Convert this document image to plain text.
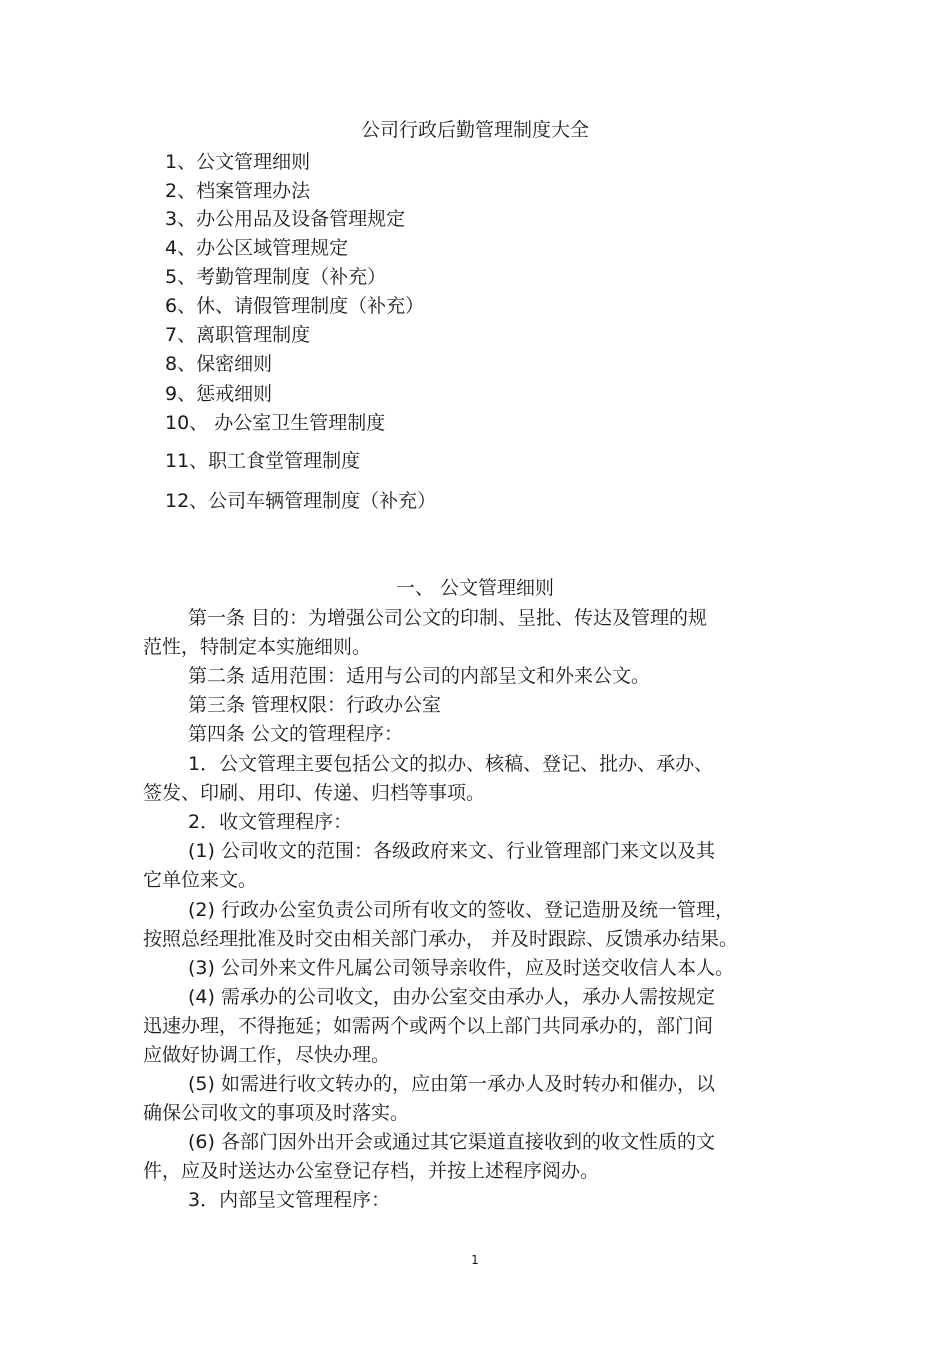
公司行政后勤管理制度大全
1、公文管理细则
2、档案管理办法
3、办公用品及设备管理规定
4、办公区域管理规定
5、考勤管理制度（补充）
6、休、请假管理制度（补充）
7、离职管理制度
8、保密细则
9、惩戒细则
10、 办公室卫生管理制度
11、职工食堂管理制度
12、公司车辆管理制度（补充）
一、 公文管理细则
第一条 目的：为增强公司公文的印制、呈批、传达及管理的规
范性，特制定本实施细则。
第二条 适用范围：适用与公司的内部呈文和外来公文。
第三条 管理权限：行政办公室
第四条 公文的管理程序：
1．公文管理主要包括公文的拟办、核稿、登记、批办、承办、
签发、印刷、用印、传递、归档等事项。
2．收文管理程序：
(1) 公司收文的范围：各级政府来文、行业管理部门来文以及其
它单位来文。
(2) 行政办公室负责公司所有收文的签收、登记造册及统一管理，
按照总经理批准及时交由相关部门承办， 并及时跟踪、反馈承办结果。
(3) 公司外来文件凡属公司领导亲收件，应及时送交收信人本人。
(4) 需承办的公司收文，由办公室交由承办人，承办人需按规定
迅速办理，不得拖延；如需两个或两个以上部门共同承办的，部门间
应做好协调工作，尽快办理。
(5) 如需进行收文转办的，应由第一承办人及时转办和催办，以
确保公司收文的事项及时落实。
(6) 各部门因外出开会或通过其它渠道直接收到的收文性质的文
件，应及时送达办公室登记存档，并按上述程序阅办。
3．内部呈文管理程序：
1
